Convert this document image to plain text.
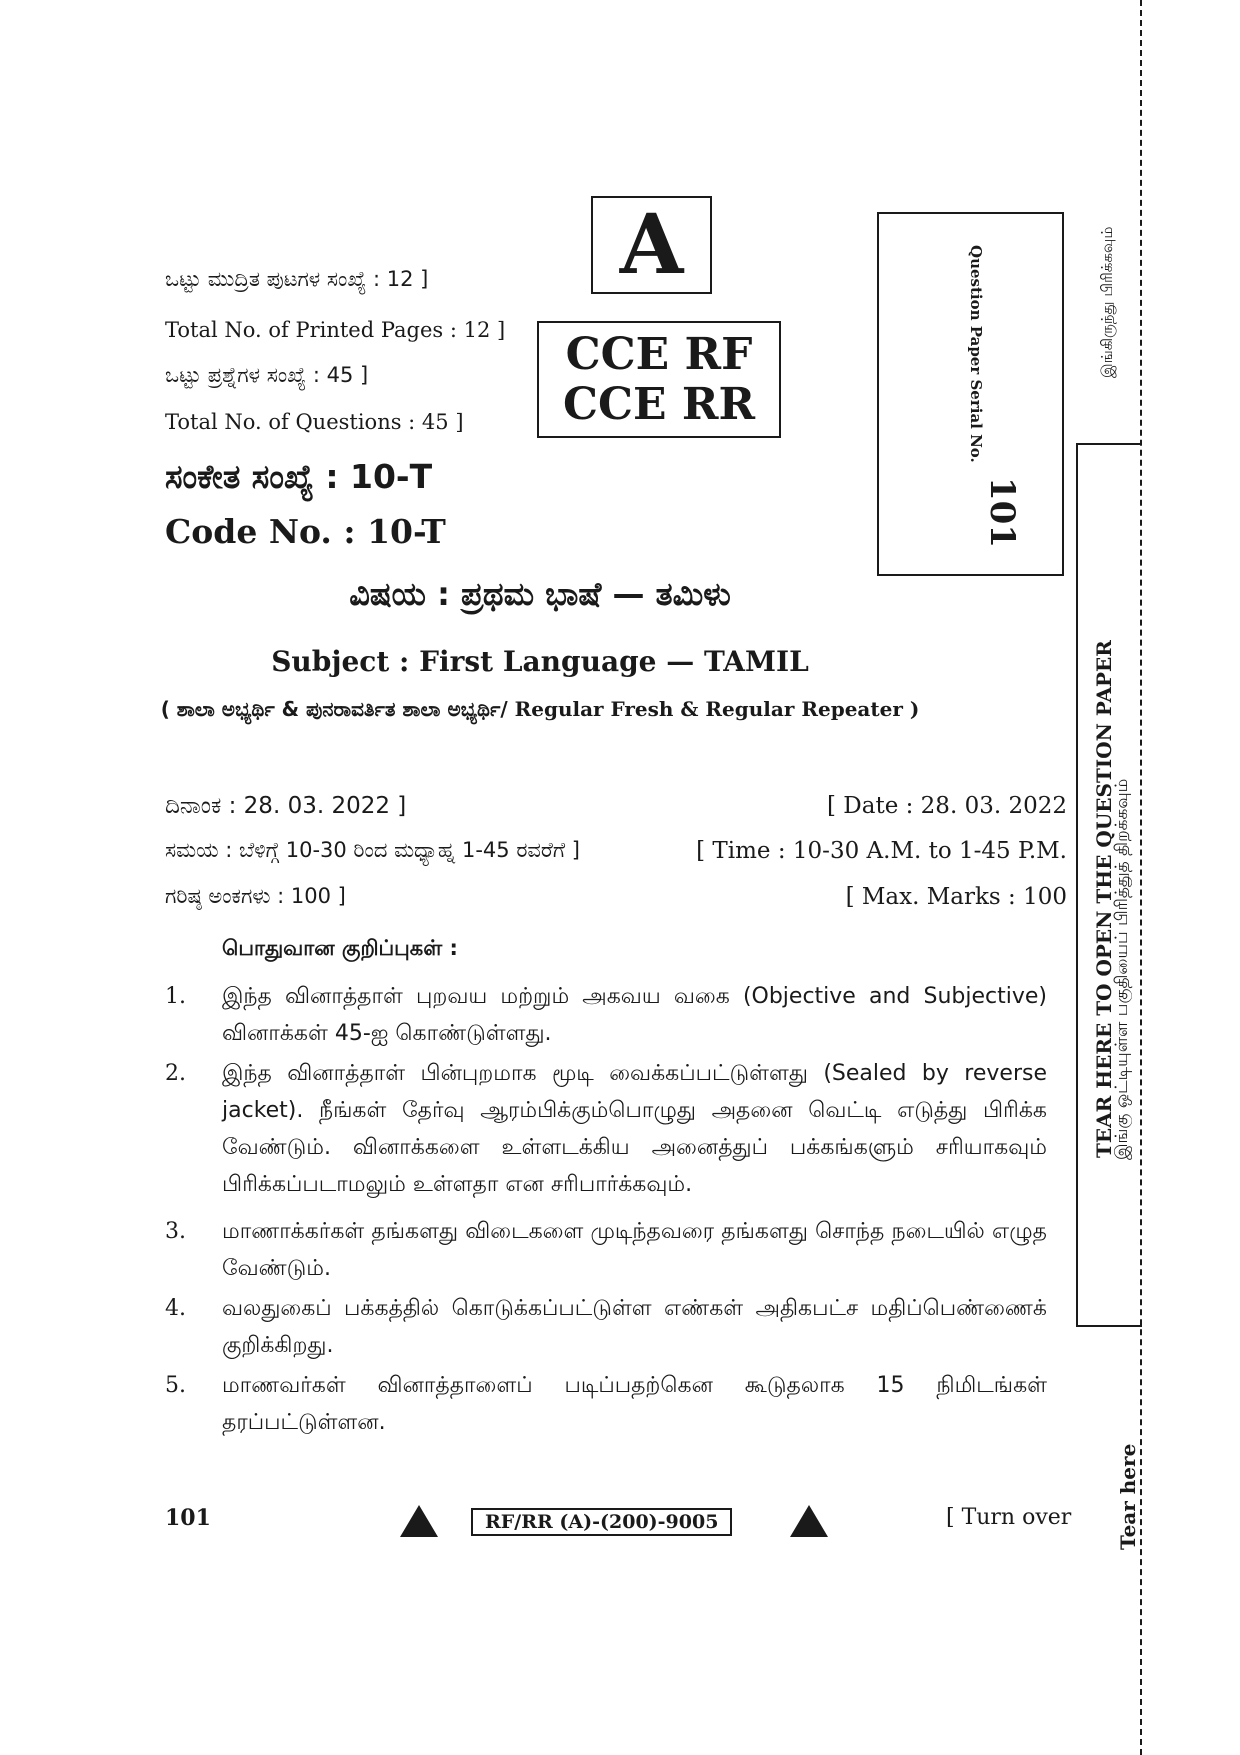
A
CCE RF
CCE RR	Question Paper Serial No.
101
ಒಟ್ಟು ಮುದ್ರಿತ ಪುಟಗಳ ಸಂಖ್ಯೆ : 12 ]
Total No. of Printed Pages : 12 ]
ಒಟ್ಟು ಪ್ರಶ್ನೆಗಳ ಸಂಖ್ಯೆ : 45 ]
Total No. of Questions : 45 ]
ಸಂಕೇತ ಸಂಖ್ಯೆ : 10-T
Code No. : 10-T
ವಿಷಯ : ಪ್ರಥಮ ಭಾಷೆ — ತಮಿಳು
Subject : First Language — TAMIL
( ಶಾಲಾ ಅಭ್ಯರ್ಥಿ & ಪುನರಾವರ್ತಿತ ಶಾಲಾ ಅಭ್ಯರ್ಥಿ/ Regular Fresh & Regular Repeater )
ದಿನಾಂಕ : 28. 03. 2022 ]	[ Date : 28. 03. 2022
ಸಮಯ : ಬೆಳಿಗ್ಗೆ 10-30 ರಿಂದ ಮಧ್ಯಾಹ್ನ 1-45 ರವರೆಗೆ ]	[ Time : 10-30 A.M. to 1-45 P.M.
ಗರಿಷ್ಠ ಅಂಕಗಳು : 100 ]	[ Max. Marks : 100
பொதுவான குறிப்புகள் :
1.	இந்த வினாத்தாள் புறவய மற்றும் அகவய வகை (Objective and Subjective) வினாக்கள் 45-ஐ கொண்டுள்ளது.
2.	இந்த வினாத்தாள் பின்புறமாக மூடி வைக்கப்பட்டுள்ளது (Sealed by reverse jacket). நீங்கள் தேர்வு ஆரம்பிக்கும்பொழுது அதனை வெட்டி எடுத்து பிரிக்க வேண்டும். வினாக்களை உள்ளடக்கிய அனைத்துப் பக்கங்களும் சரியாகவும் பிரிக்கப்படாமலும் உள்ளதா என சரிபார்க்கவும்.
3.	மாணாக்கர்கள் தங்களது விடைகளை முடிந்தவரை தங்களது சொந்த நடையில் எழுத வேண்டும்.
4.	வலதுகைப் பக்கத்தில் கொடுக்கப்பட்டுள்ள எண்கள் அதிகபட்ச மதிப்பெண்ணைக் குறிக்கிறது.
5.	மாணவர்கள் வினாத்தாளைப் படிப்பதற்கென கூடுதலாக 15 நிமிடங்கள் தரப்பட்டுள்ளன.
101	RF/RR (A)-(200)-9005	[ Turn over
TEAR HERE TO OPEN THE QUESTION PAPER
இங்கு ஒட்டியுள்ள பகுதியைப் பிரித்துத் திறக்கவும்
இங்கிருந்து பிரிக்கவும்
Tear here
